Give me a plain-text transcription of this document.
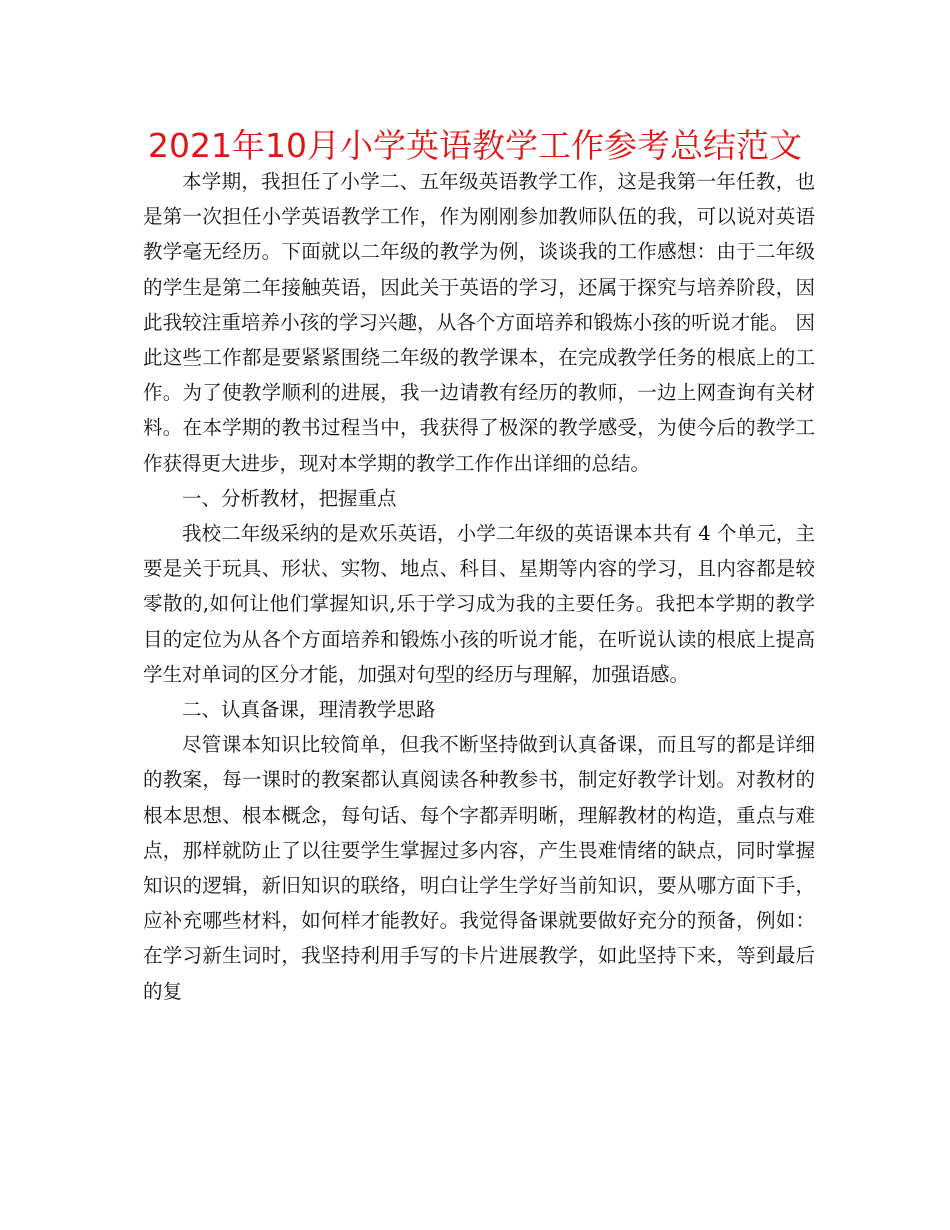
2021年10月小学英语教学工作参考总结范文

本学期，我担任了小学二、五年级英语教学工作，这是我第一年任教，也是第一次担任小学英语教学工作，作为刚刚参加教师队伍的我，可以说对英语教学毫无经历。下面就以二年级的教学为例，谈谈我的工作感想：由于二年级的学生是第二年接触英语，因此关于英语的学习，还属于探究与培养阶段，因此我较注重培养小孩的学习兴趣，从各个方面培养和锻炼小孩的听说才能。 因此这些工作都是要紧紧围绕二年级的教学课本，在完成教学任务的根底上的工作。为了使教学顺利的进展，我一边请教有经历的教师，一边上网查询有关材料。在本学期的教书过程当中，我获得了极深的教学感受，为使今后的教学工作获得更大进步，现对本学期的教学工作作出详细的总结。

一、分析教材，把握重点

我校二年级采纳的是欢乐英语，小学二年级的英语课本共有 4 个单元，主要是关于玩具、形状、实物、地点、科目、星期等内容的学习，且内容都是较零散的,如何让他们掌握知识,乐于学习成为我的主要任务。我把本学期的教学目的定位为从各个方面培养和锻炼小孩的听说才能，在听说认读的根底上提高学生对单词的区分才能，加强对句型的经历与理解，加强语感。

二、认真备课，理清教学思路

尽管课本知识比较简单，但我不断坚持做到认真备课，而且写的都是详细的教案，每一课时的教案都认真阅读各种教参书，制定好教学计划。对教材的根本思想、根本概念，每句话、每个字都弄明晰，理解教材的构造，重点与难点，那样就防止了以往要学生掌握过多内容，产生畏难情绪的缺点，同时掌握知识的逻辑，新旧知识的联络，明白让学生学好当前知识，要从哪方面下手，应补充哪些材料，如何样才能教好。我觉得备课就要做好充分的预备，例如：在学习新生词时，我坚持利用手写的卡片进展教学，如此坚持下来，等到最后的复
